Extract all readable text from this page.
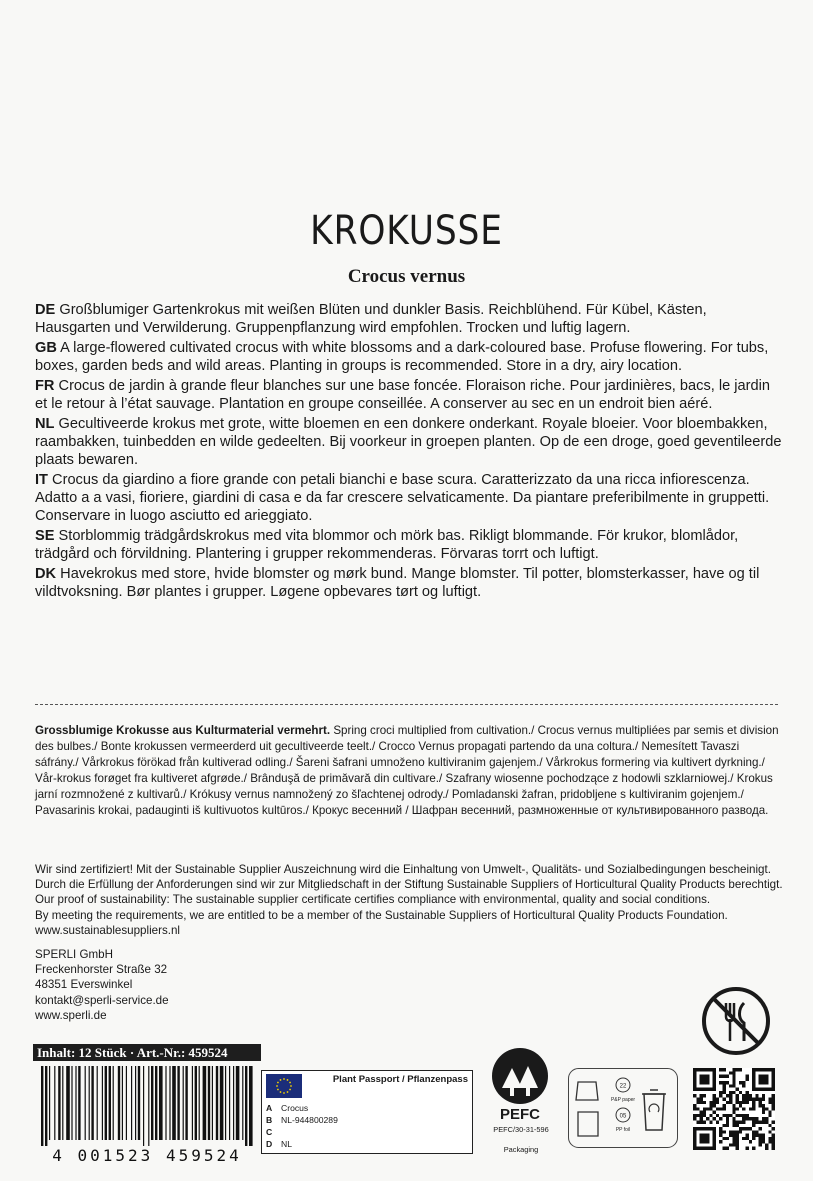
KROKUSSE
Crocus vernus
DE Großblumiger Gartenkrokus mit weißen Blüten und dunkler Basis. Reichblühend. Für Kübel, Kästen, Hausgarten und Verwilderung. Gruppenpflanzung wird empfohlen. Trocken und luftig lagern.
GB A large-flowered cultivated crocus with white blossoms and a dark-coloured base. Profuse flowering. For tubs, boxes, garden beds and wild areas. Planting in groups is recommended. Store in a dry, airy location.
FR Crocus de jardin à grande fleur blanches sur une base foncée. Floraison riche. Pour jardinières, bacs, le jardin et le retour à l’état sauvage. Plantation en groupe conseillée. A conserver au sec en un endroit bien aéré.
NL Gecultiveerde krokus met grote, witte bloemen en een donkere onderkant. Royale bloeier. Voor bloembakken, raambakken, tuinbedden en wilde gedeelten. Bij voorkeur in groepen planten. Op de een droge, goed geventileerde plaats bewaren.
IT Crocus da giardino a fiore grande con petali bianchi e base scura. Caratterizzato da una ricca infiorescenza. Adatto a a vasi, fioriere, giardini di casa e da far crescere selvaticamente. Da piantare preferibilmente in gruppetti. Conservare in luogo asciutto ed arieggiato.
SE Storblommig trädgårdskrokus med vita blommor och mörk bas. Rikligt blommande. För krukor, blomlådor, trädgård och förvildning. Plantering i grupper rekommenderas. Förvaras torrt och luftigt.
DK Havekrokus med store, hvide blomster og mørk bund. Mange blomster. Til potter, blomsterkasser, have og til vildtvoksning. Bør plantes i grupper. Løgene opbevares tørt og luftigt.
Grossblumige Krokusse aus Kulturmaterial vermehrt. Spring croci multiplied from cultivation./ Crocus vernus multipliées par semis et division des bulbes./ Bonte krokussen vermeerderd uit gecultiveerde teelt./ Crocco Vernus propagati partendo da una coltura./ Nemesített Tavaszi sáfrány./ Vårkrokus förökad från kultiverad odling./ Šareni šafrani umnoženo kultiviranim gajenjem./ Vårkrokus formering via kultivert dyrkning./ Vår-krokus forøget fra kultiveret afgrøde./ Brânduşă de primăvară din cultivare./ Szafrany wiosenne pochodzące z hodowli szklarniowej./ Krokus jarní rozmnožené z kultivarů./ Krókusy vernus namnožený zo šľachtenej odrody./ Pomladanski žafran, pridobljene s kultiviranim gojenjem./ Pavasarinis krokai, padauginti iš kultivuotos kultūros./ Крокус весенний / Шафран весенний, размноженные от культивированного развода.
Wir sind zertifiziert! Mit der Sustainable Supplier Auszeichnung wird die Einhaltung von Umwelt-, Qualitäts- und Sozialbedingungen bescheinigt.
Durch die Erfüllung der Anforderungen sind wir zur Mitgliedschaft in der Stiftung Sustainable Suppliers of Horticultural Quality Products berechtigt.
Our proof of sustainability: The sustainable supplier certificate certifies compliance with environmental, quality and social conditions.
By meeting the requirements, we are entitled to be a member of the Sustainable Suppliers of Horticultural Quality Products Foundation.
www.sustainablesuppliers.nl
SPERLI GmbH
Freckenhorster Straße 32
48351 Everswinkel
kontakt@sperli-service.de
www.sperli.de
Inhalt: 12 Stück · Art.-Nr.: 459524
4 001523 459524
Plant Passport / Pflanzenpass
A Crocus
B NL-944800289
C
D NL
PEFC
PEFC/30-31-596
Packaging
22
P&P paper
05
PP foil
